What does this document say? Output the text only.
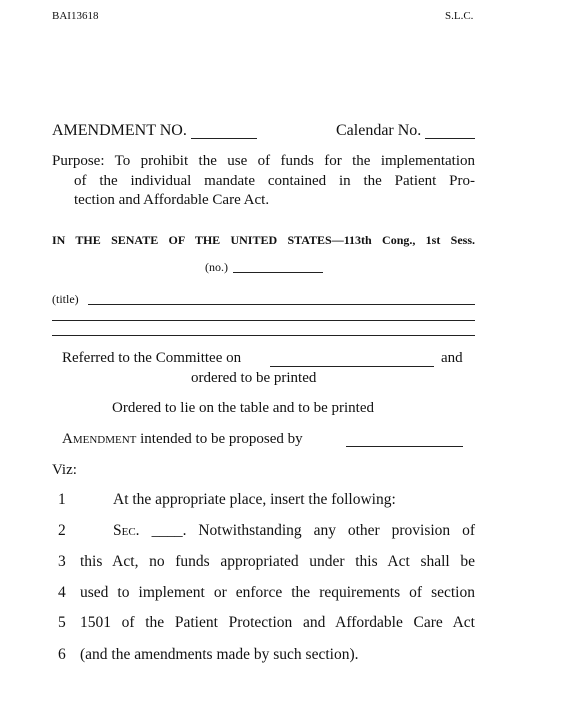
BAI13618	S.L.C.
AMENDMENT NO.	Calendar No.
Purpose: To prohibit the use of funds for the implementation
of the individual mandate contained in the Patient Pro-
tection and Affordable Care Act.
IN THE SENATE OF THE UNITED STATES—113th Cong., 1st Sess.
(no.)
(title)
Referred to the Committee on	and
ordered to be printed
Ordered to lie on the table and to be printed
Amendment intended to be proposed by
Viz:
1	At the appropriate place, insert the following:
2	Sec. ____ . Notwithstanding any other provision of
3 this Act, no funds appropriated under this Act shall be
4 used to implement or enforce the requirements of section
5 1501 of the Patient Protection and Affordable Care Act
6 (and the amendments made by such section).
